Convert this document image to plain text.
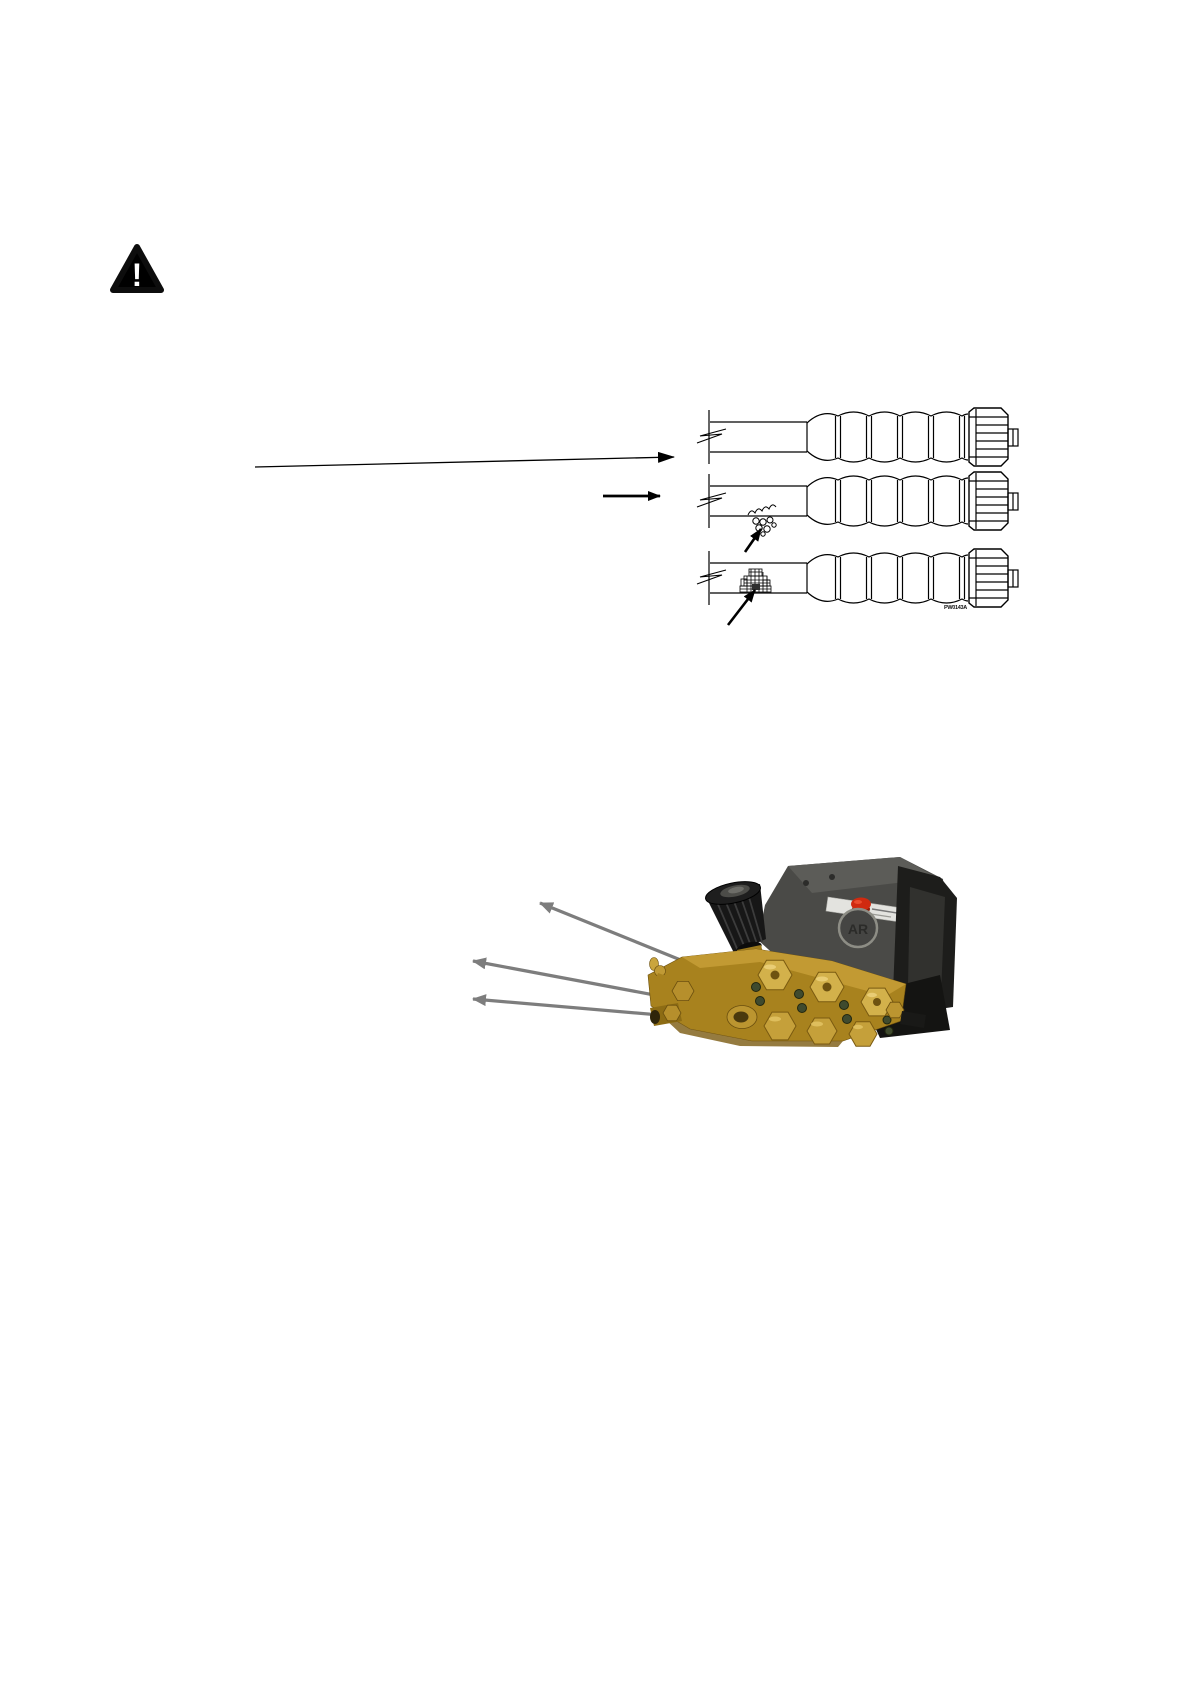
!
PW0143A
AR
